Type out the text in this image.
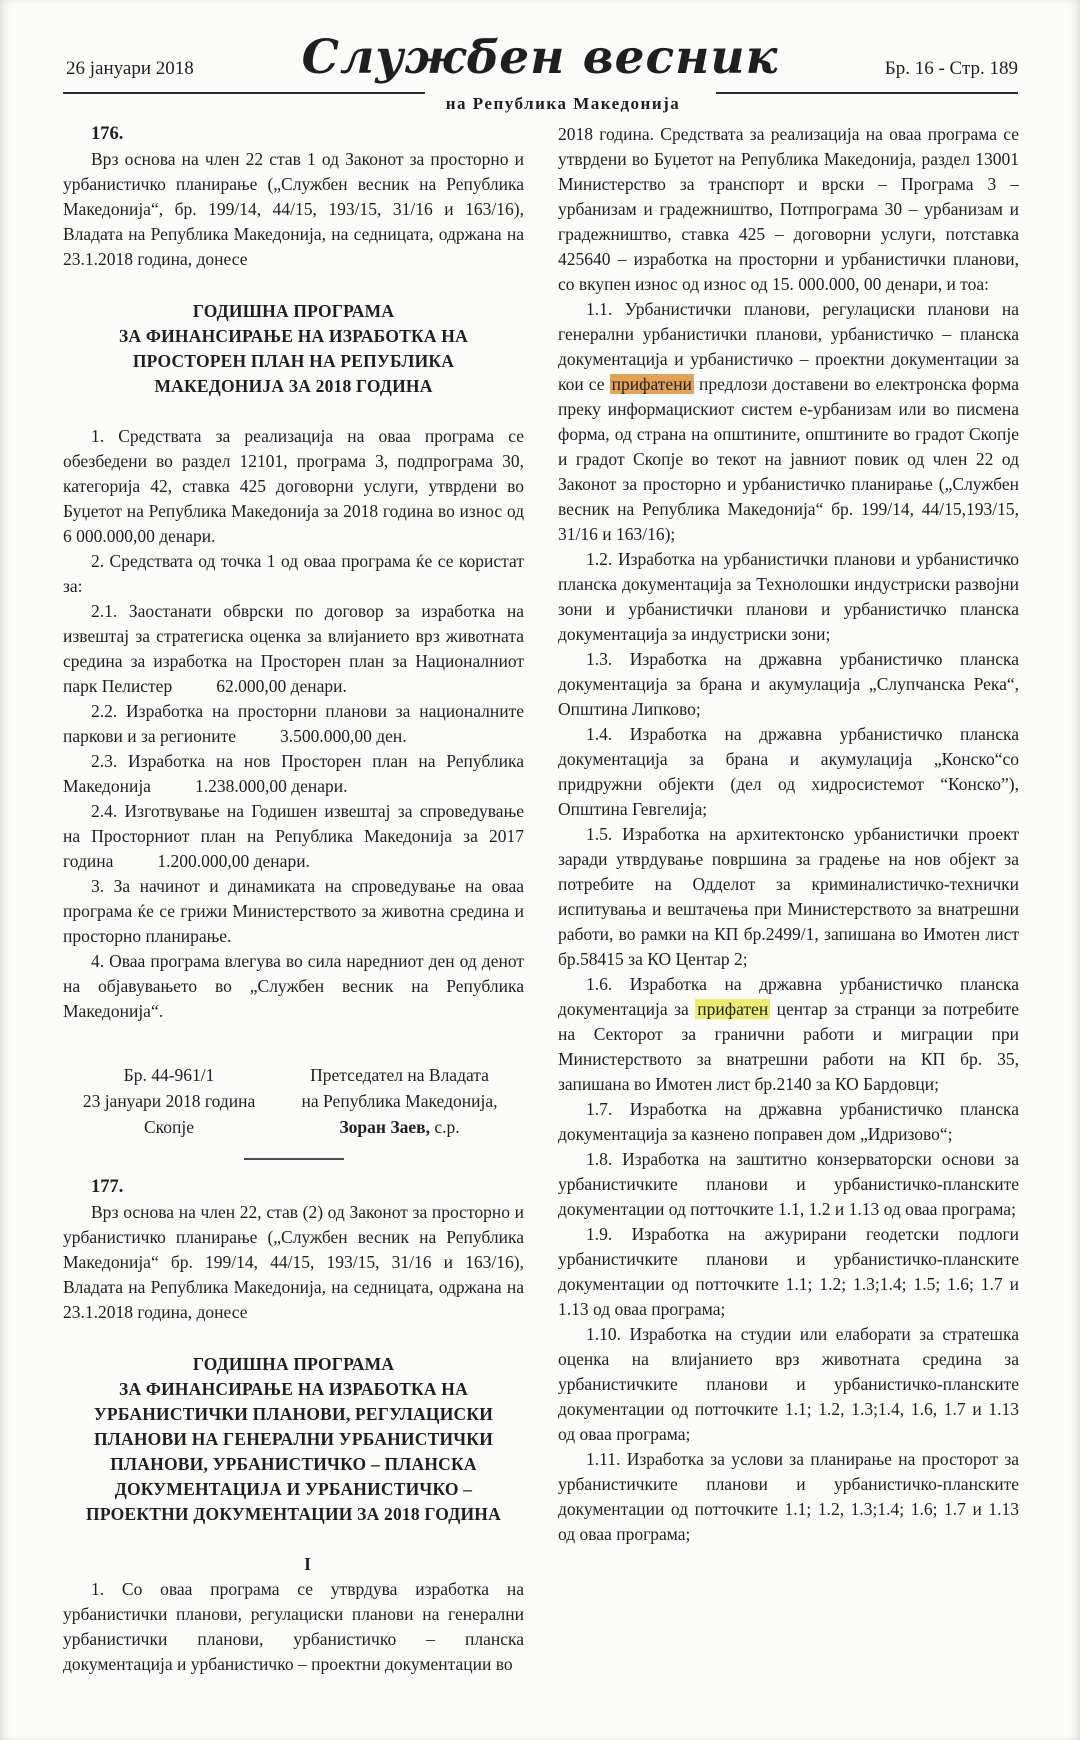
26 јануари 2018 Службен весник
на Република Македонија
Бр. 16 - Стр. 189

176.

Врз основа на член 22 став 1 од Законот за просторно и урбанистичко планирање („Службен весник на Република Македонија“, бр. 199/14, 44/15, 193/15, 31/16 и 163/16), Владата на Република Македонија, на седницата, одржана на 23.1.2018 година, донесе

ГОДИШНА ПРОГРАМА
ЗА ФИНАНСИРАЊЕ НА ИЗРАБОТКА НА ПРОСТОРЕН ПЛАН НА РЕПУБЛИКА МАКЕДОНИЈА ЗА 2018 ГОДИНА

1. Средствата за реализација на оваа програма се обезбедени во раздел 12101, програма 3, подпрограма 30, категорија 42, ставка 425 договорни услуги, утврдени во Буџетот на Република Македонија за 2018 година во износ од 6 000.000,00 денари.

2. Средствата од точка 1 од оваа програма ќе се користат за:

2.1. Заостанати обврски по договор за изработка на извештај за стратегиска оценка за влијанието врз животната средина за изработка на Просторен план за Националниот парк Пелистер	62.000,00 денари.

2.2. Изработка на просторни планови за националните паркови и за регионите	3.500.000,00 ден.

2.3. Изработка на нов Просторен план на Република Македонија	1.238.000,00 денари.

2.4. Изготвување на Годишен извештај за спроведување на Просторниот план на Република Македонија за 2017 година	1.200.000,00 денари.

3. За начинот и динамиката на спроведување на оваа програма ќе се грижи Министерството за животна средина и просторно планирање.

4. Оваа програма влегува во сила наредниот ден од денот на објавувањето во „Службен весник на Република Македонија“.

Бр. 44-961/1
23 јануари 2018 година
Скопје
Претседател на Владата
на Република Македонија,
Зоран Заев, с.р.

177.

Врз основа на член 22, став (2) од Законот за просторно и урбанистичко планирање („Службен весник на Република Македонија“ бр. 199/14, 44/15, 193/15, 31/16 и 163/16), Владата на Република Македонија, на седницата, одржана на 23.1.2018 година, донесе

ГОДИШНА ПРОГРАМА
ЗА ФИНАНСИРАЊЕ НА ИЗРАБОТКА НА УРБАНИСТИЧКИ ПЛАНОВИ, РЕГУЛАЦИСКИ ПЛАНОВИ НА ГЕНЕРАЛНИ УРБАНИСТИЧКИ ПЛАНОВИ, УРБАНИСТИЧКО – ПЛАНСКА ДОКУМЕНТАЦИЈА И УРБАНИСТИЧКО – ПРОЕКТНИ ДОКУМЕНТАЦИИ ЗА 2018 ГОДИНА

I

1. Со оваа програма се утврдува изработка на урбанистички планови, регулациски планови на генерални урбанистички планови, урбанистичко – планска документација и урбанистичко – проектни документации во

2018 година. Средствата за реализација на оваа програма се утврдени во Буџетот на Република Македонија, раздел 13001 Министерство за транспорт и врски – Програма 3 – урбанизам и градежништво, Потпрограма 30 – урбанизам и градежништво, ставка 425 – договорни услуги, потставка 425640 – изработка на просторни и урбанистички планови, со вкупен износ од износ од 15. 000.000, 00 денари, и тоа:

1.1. Урбанистички планови, регулациски планови на генерални урбанистички планови, урбанистичко – планска документација и урбанистичко – проектни документации за кои се прифатени предлози доставени во електронска форма преку информацискиот систем е-урбанизам или во писмена форма, од страна на општините, општините во градот Скопје и градот Скопје во текот на јавниот повик од член 22 од Законот за просторно и урбанистичко планирање („Службен весник на Република Македонија“ бр. 199/14, 44/15,193/15, 31/16 и 163/16);

1.2. Изработка на урбанистички планови и урбанистичко планска документација за Технолошки индустриски развојни зони и урбанистички планови и урбанистичко планска документација за индустриски зони;

1.3. Изработка на државна урбанистичко планска документација за брана и акумулација „Слупчанска Река“, Општина Липково;

1.4. Изработка на државна урбанистичко планска документација за брана и акумулација „Конско“со придружни објекти (дел од хидросистемот “Конско”), Општина Гевгелија;

1.5. Изработка на архитектонско урбанистички проект заради утврдување површина за градење на нов објект за потребите на Одделот за криминалистичко-технички испитувања и вештачења при Министерството за внатрешни работи, во рамки на КП бр.2499/1, запишана во Имотен лист бр.58415 за КО Центар 2;

1.6. Изработка на државна урбанистичко планска документација за прифатен центар за странци за потребите на Секторот за гранични работи и миграции при Министерството за внатрешни работи на КП бр. 35, запишана во Имотен лист бр.2140 за КО Бардовци;

1.7. Изработка на државна урбанистичко планска документација за казнено поправен дом „Идризово“;

1.8. Изработка на заштитно конзерваторски основи за урбанистичките планови и урбанистичко-планските документации од потточките 1.1, 1.2 и 1.13 од оваа програма;

1.9. Изработка на ажурирани геодетски подлоги урбанистичките планови и урбанистичко-планските документации од потточките 1.1; 1.2; 1.3;1.4; 1.5; 1.6; 1.7 и 1.13 од оваа програма;

1.10. Изработка на студии или елаборати за стратешка оценка на влијанието врз животната средина за урбанистичките планови и урбанистичко-планските документации од потточките 1.1; 1.2, 1.3;1.4, 1.6, 1.7 и 1.13 од оваа програма;

1.11. Изработка за услови за планирање на просторот за урбанистичките планови и урбанистичко-планските документации од потточките 1.1; 1.2, 1.3;1.4; 1.6; 1.7 и 1.13 од оваа програма;
